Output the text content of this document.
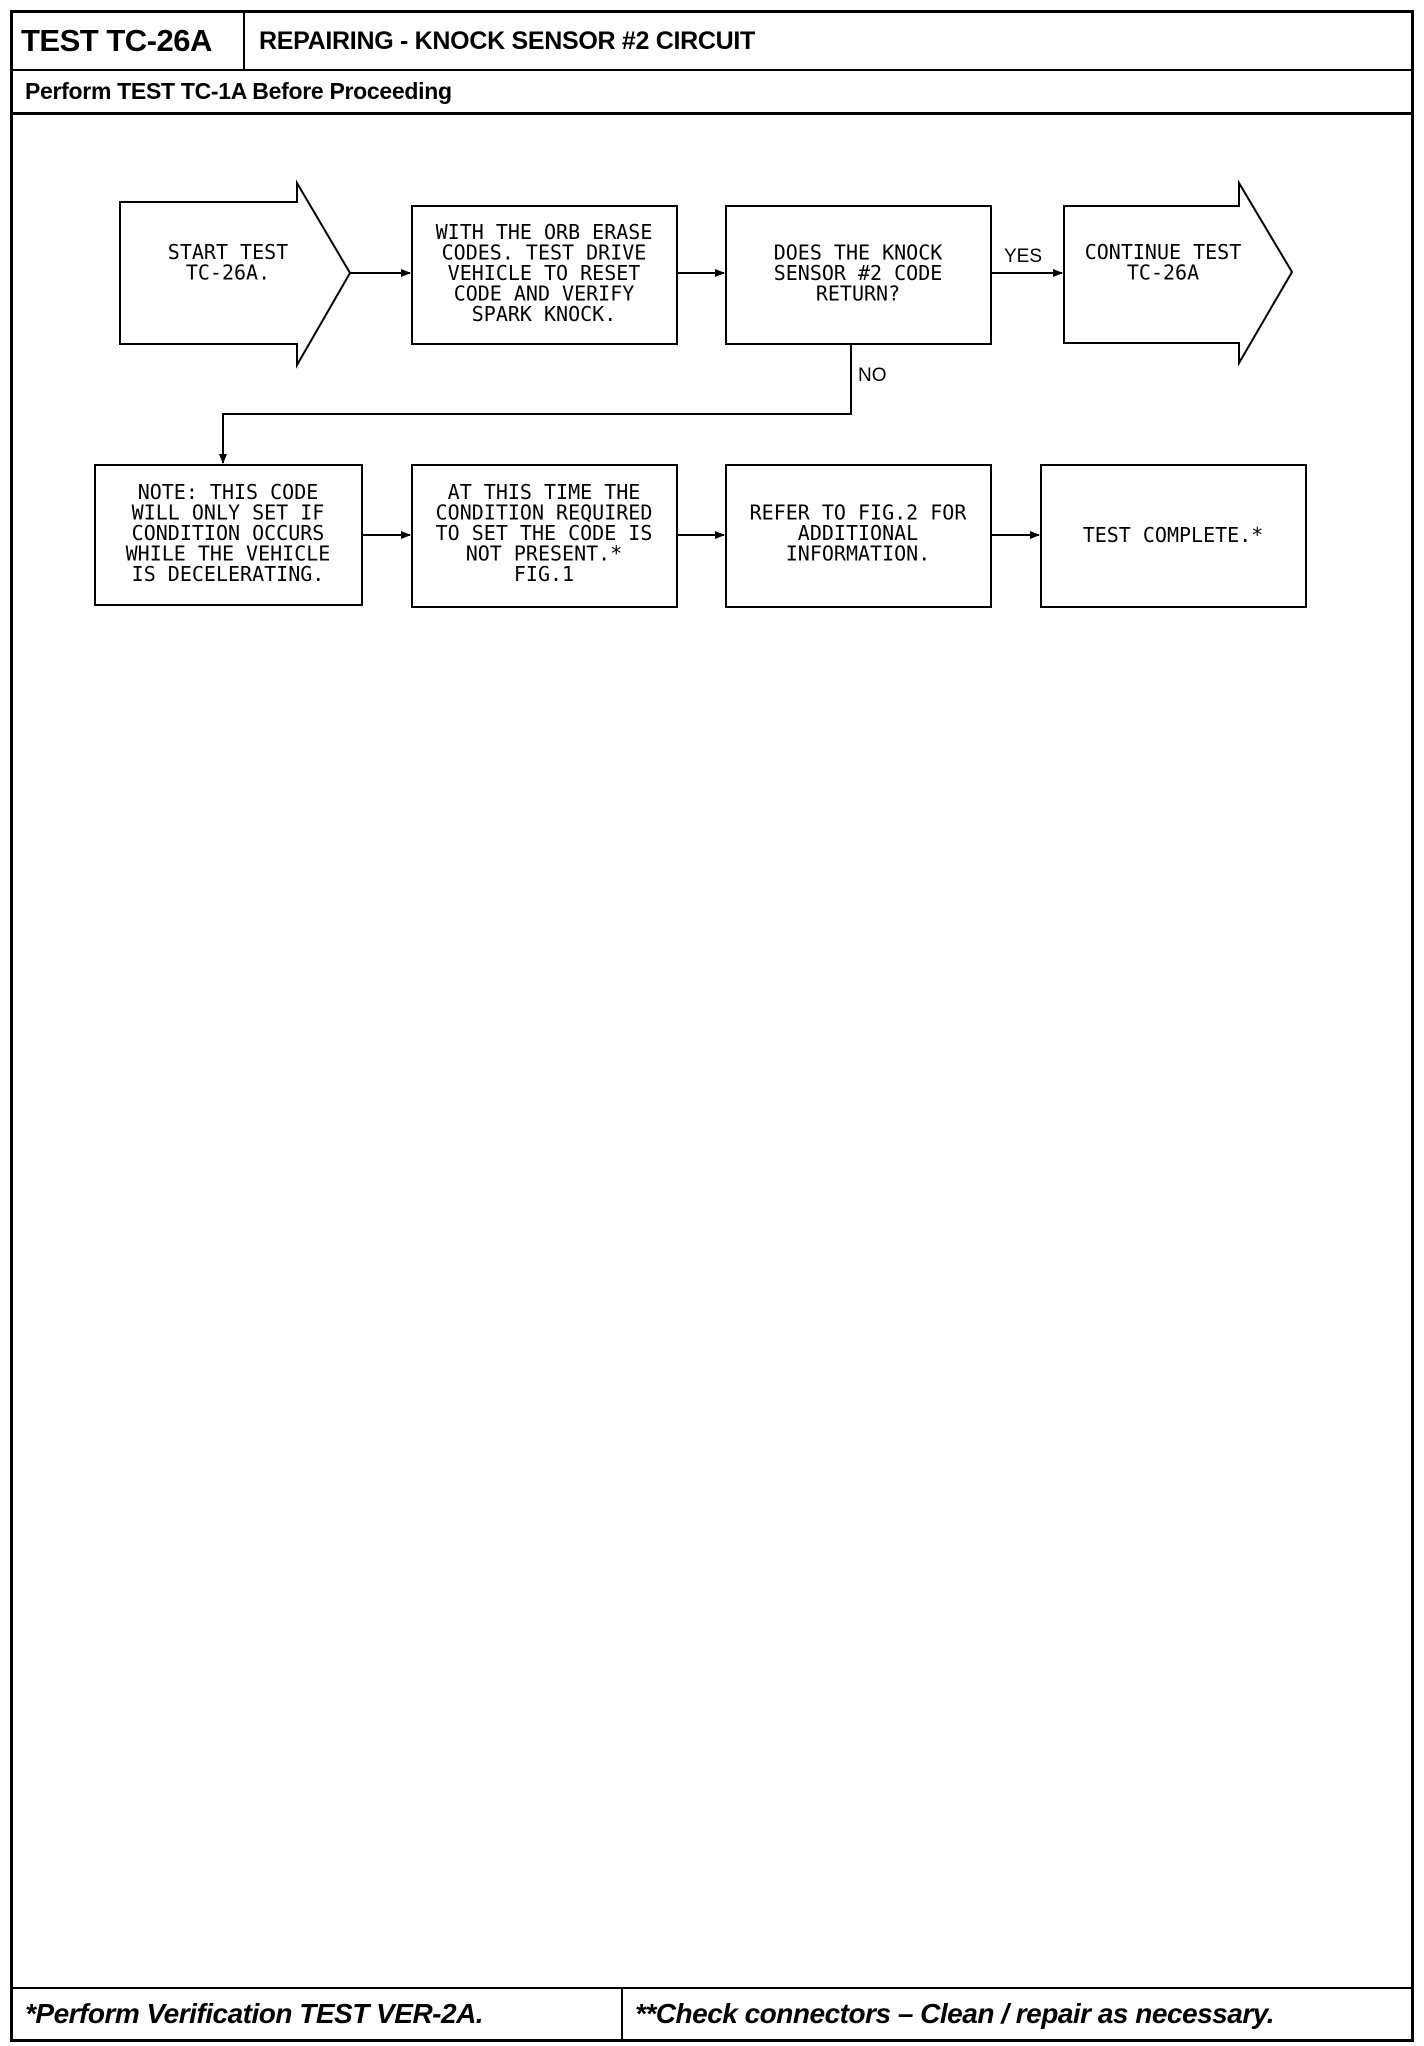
TEST TC-26A	REPAIRING - KNOCK SENSOR #2 CIRCUIT
Perform TEST TC-1A Before Proceeding
*Perform Verification TEST VER-2A.	**Check connectors – Clean / repair as necessary.
YES
NO
START TEST TC-26A.
WITH THE ORB ERASE CODES. TEST DRIVE VEHICLE TO RESET CODE AND VERIFY SPARK KNOCK.
DOES THE KNOCK SENSOR #2 CODE RETURN?
CONTINUE TEST TC-26A
NOTE: THIS CODE WILL ONLY SET IF CONDITION OCCURS WHILE THE VEHICLE IS DECELERATING.
AT THIS TIME THE CONDITION REQUIRED TO SET THE CODE IS NOT PRESENT.* FIG.1
REFER TO FIG.2 FOR ADDITIONAL INFORMATION.
TEST COMPLETE.*
